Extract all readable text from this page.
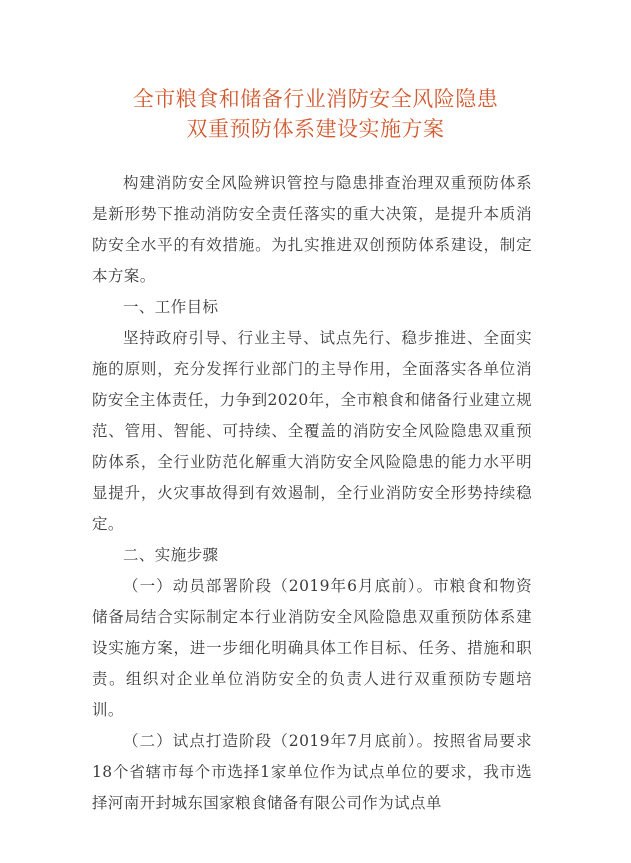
全市粮食和储备行业消防安全风险隐患
双重预防体系建设实施方案

构建消防安全风险辨识管控与隐患排查治理双重预防体系是新形势下推动消防安全责任落实的重大决策，是提升本质消防安全水平的有效措施。为扎实推进双创预防体系建设，制定本方案。

一、工作目标

坚持政府引导、行业主导、试点先行、稳步推进、全面实施的原则，充分发挥行业部门的主导作用，全面落实各单位消防安全主体责任，力争到2020年，全市粮食和储备行业建立规范、管用、智能、可持续、全覆盖的消防安全风险隐患双重预防体系，全行业防范化解重大消防安全风险隐患的能力水平明显提升，火灾事故得到有效遏制，全行业消防安全形势持续稳定。

二、实施步骤

（一）动员部署阶段（2019年6月底前）。市粮食和物资储备局结合实际制定本行业消防安全风险隐患双重预防体系建设实施方案，进一步细化明确具体工作目标、任务、措施和职责。组织对企业单位消防安全的负责人进行双重预防专题培训。

（二）试点打造阶段（2019年7月底前）。按照省局要求18个省辖市每个市选择1家单位作为试点单位的要求，我市选择河南开封城东国家粮食储备有限公司作为试点单
